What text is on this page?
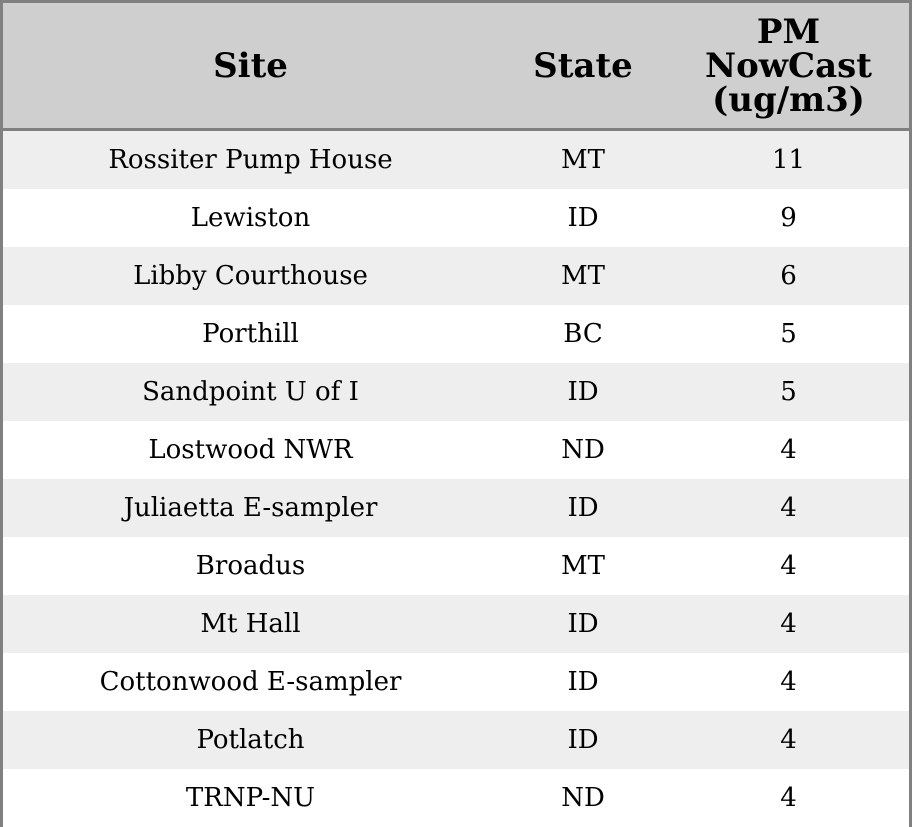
Site	State	PM
NowCast
(ug/m3)

Rossiter Pump House	MT	11
Lewiston	ID	9
Libby Courthouse	MT	6
Porthill	BC	5
Sandpoint U of I	ID	5
Lostwood NWR	ND	4
Juliaetta E-sampler	ID	4
Broadus	MT	4
Mt Hall	ID	4
Cottonwood E-sampler	ID	4
Potlatch	ID	4
TRNP-NU	ND	4
